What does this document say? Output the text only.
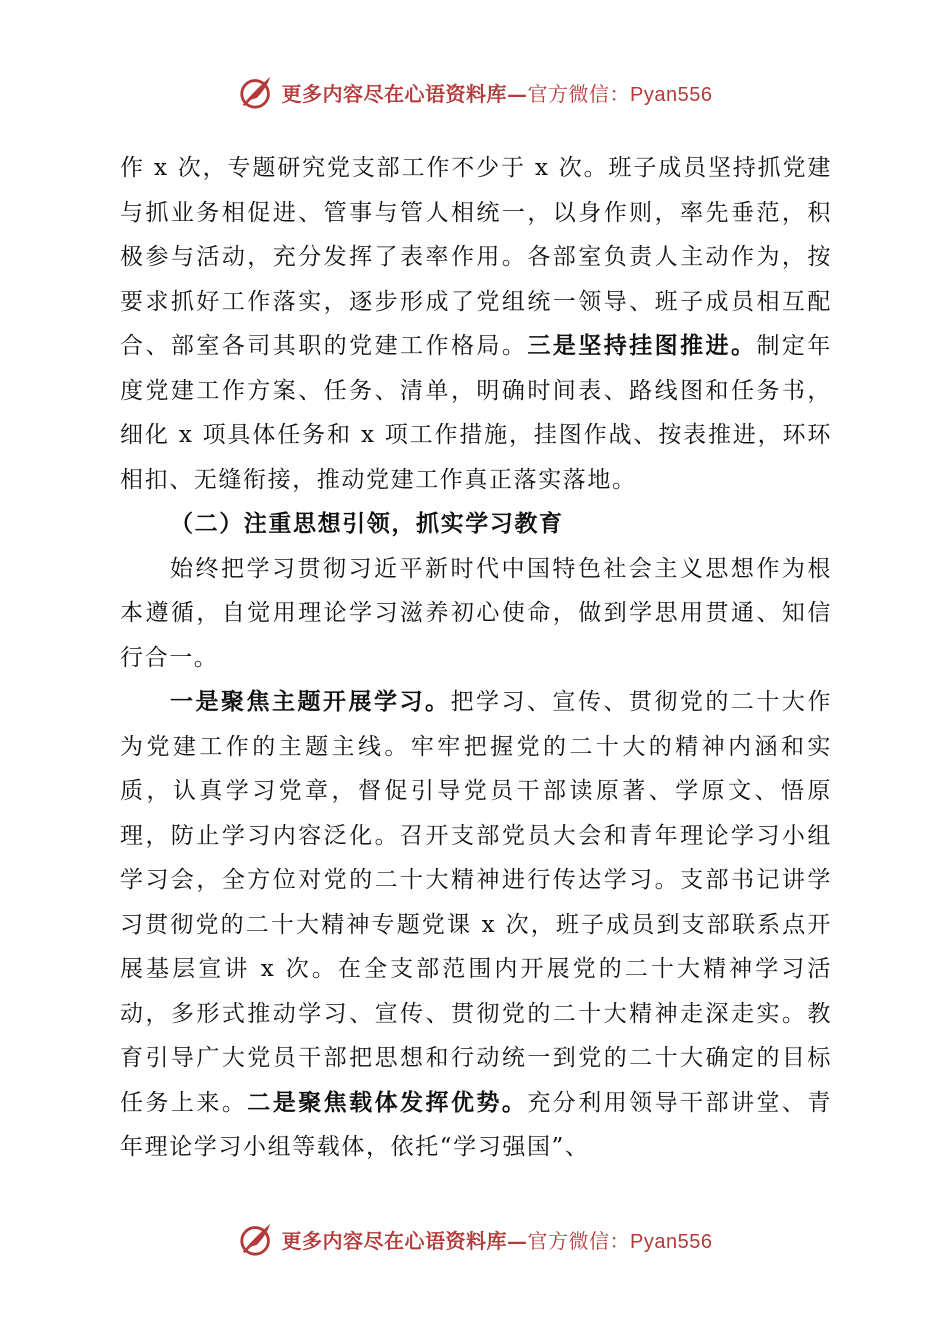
更多内容尽在心语资料库—官方微信：Pyan556

作 x 次，专题研究党支部工作不少于 x 次。班子成员坚持抓党建与抓业务相促进、管事与管人相统一，以身作则，率先垂范，积极参与活动，充分发挥了表率作用。各部室负责人主动作为，按要求抓好工作落实，逐步形成了党组统一领导、班子成员相互配合、部室各司其职的党建工作格局。三是坚持挂图推进。制定年度党建工作方案、任务、清单，明确时间表、路线图和任务书，细化 x 项具体任务和 x 项工作措施，挂图作战、按表推进，环环相扣、无缝衔接，推动党建工作真正落实落地。

（二）注重思想引领，抓实学习教育

始终把学习贯彻习近平新时代中国特色社会主义思想作为根本遵循，自觉用理论学习滋养初心使命，做到学思用贯通、知信行合一。

一是聚焦主题开展学习。把学习、宣传、贯彻党的二十大作为党建工作的主题主线。牢牢把握党的二十大的精神内涵和实质，认真学习党章，督促引导党员干部读原著、学原文、悟原理，防止学习内容泛化。召开支部党员大会和青年理论学习小组学习会，全方位对党的二十大精神进行传达学习。支部书记讲学习贯彻党的二十大精神专题党课 x 次，班子成员到支部联系点开展基层宣讲 x 次。在全支部范围内开展党的二十大精神学习活动，多形式推动学习、宣传、贯彻党的二十大精神走深走实。教育引导广大党员干部把思想和行动统一到党的二十大确定的目标任务上来。二是聚焦载体发挥优势。充分利用领导干部讲堂、青年理论学习小组等载体，依托“学习强国”、

更多内容尽在心语资料库—官方微信：Pyan556
